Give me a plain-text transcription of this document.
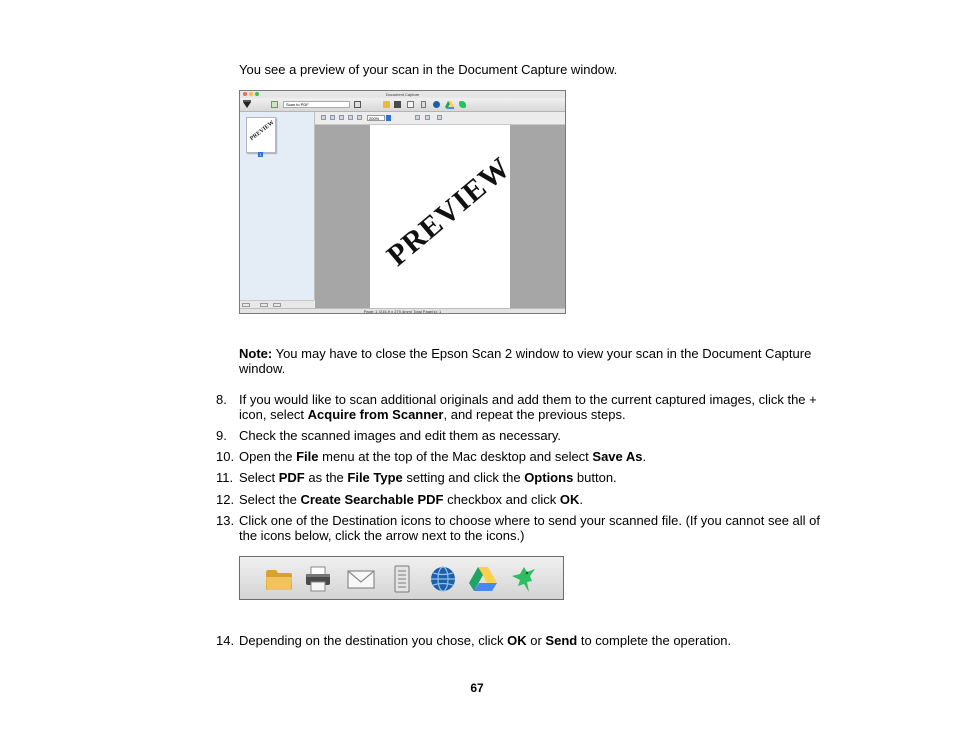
You see a preview of your scan in the Document Capture window.
Document Capture
Scan to PDF
PREVIEW
1
200%
PREVIEW
Page: 1 (215.9 x 279.4mm) Total Page(s): 1
Note: You may have to close the Epson Scan 2 window to view your scan in the Document Capture window.
8. If you would like to scan additional originals and add them to the current captured images, click the + icon, select Acquire from Scanner, and repeat the previous steps.
9. Check the scanned images and edit them as necessary.
10. Open the File menu at the top of the Mac desktop and select Save As.
11. Select PDF as the File Type setting and click the Options button.
12. Select the Create Searchable PDF checkbox and click OK.
13. Click one of the Destination icons to choose where to send your scanned file. (If you cannot see all of the icons below, click the arrow next to the icons.)
14. Depending on the destination you chose, click OK or Send to complete the operation.
67
